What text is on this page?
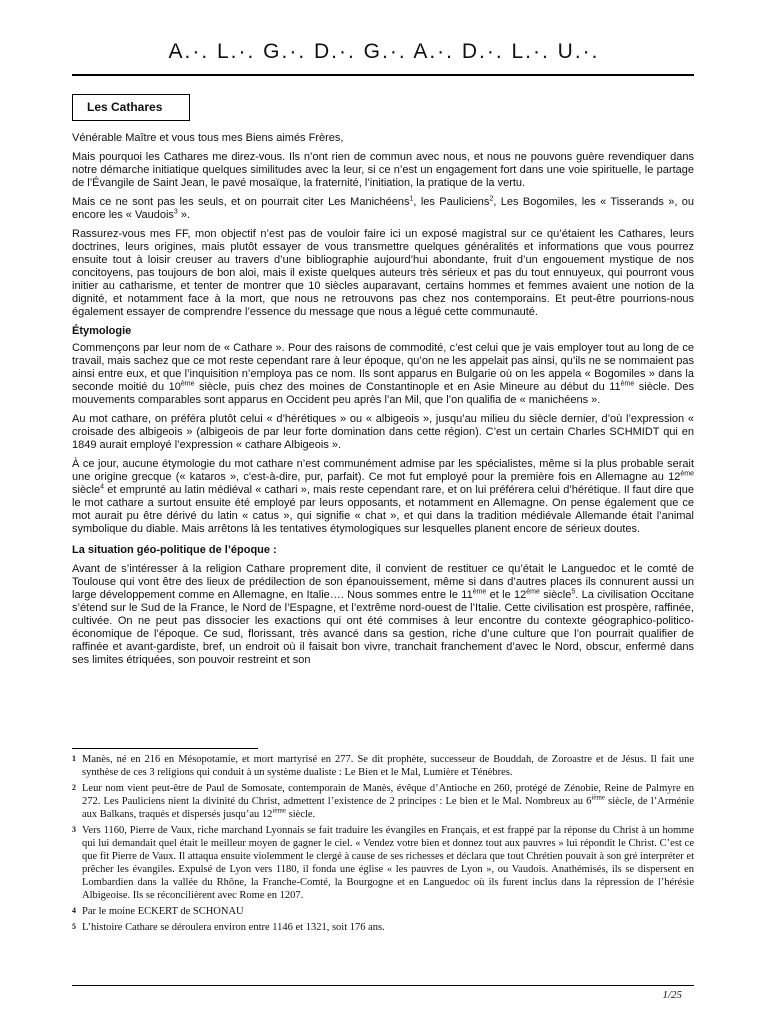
A.·. L.·. G.·. D.·. G.·. A.·. D.·. L.·. U.·.
Les Cathares

Vénérable Maître et vous tous mes Biens aimés Frères,

Mais pourquoi les Cathares me direz-vous. Ils n’ont rien de commun avec nous, et nous ne pouvons guère revendiquer dans notre démarche initiatique quelques similitudes avec la leur, si ce n’est un engagement fort dans une voie spirituelle, le partage de l’Évangile de Saint Jean, le pavé mosaïque, la fraternité, l’initiation, la pratique de la vertu.

Mais ce ne sont pas les seuls, et on pourrait citer Les Manichéens$^1$, les Pauliciens$^2$, Les Bogomiles, les « Tisserands », ou encore les « Vaudois$^3$ ».

Rassurez-vous mes FF, mon objectif n’est pas de vouloir faire ici un exposé magistral sur ce qu’étaient les Cathares, leurs doctrines, leurs origines, mais plutôt essayer de vous transmettre quelques généralités et informations que vous pourrez ensuite tout à loisir creuser au travers d’une bibliographie aujourd’hui abondante, fruit d’un engouement mystique de nos concitoyens, pas toujours de bon aloi, mais il existe quelques auteurs très sérieux et pas du tout ennuyeux, qui pourront vous initier au catharisme, et tenter de montrer que 10 siècles auparavant, certains hommes et femmes avaient une notion de la dignité, et notamment face à la mort, que nous ne retrouvons pas chez nos contemporains. Et peut-être pourrions-nous également essayer de comprendre l’essence du message que nous a légué cette communauté.

Étymologie

Commençons par leur nom de « Cathare ». Pour des raisons de commodité, c’est celui que je vais employer tout au long de ce travail, mais sachez que ce mot reste cependant rare à leur époque, qu’on ne les appelait pas ainsi, qu’ils ne se nommaient pas ainsi entre eux, et que l’inquisition n’employa pas ce nom. Ils sont apparus en Bulgarie où on les appela « Bogomiles » dans la seconde moitié du 10ème siècle, puis chez des moines de Constantinople et en Asie Mineure au début du 11ème siècle. Des mouvements comparables sont apparus en Occident peu après l’an Mil, que l’on qualifia de « manichéens ».

Au mot cathare, on préféra plutôt celui « d’hérétiques » ou « albigeois », jusqu’au milieu du siècle dernier, d’où l’expression « croisade des albigeois » (albigeois de par leur forte domination dans cette région). C’est un certain Charles SCHMIDT qui en 1849 aurait employé l’expression « cathare Albigeois ».

À ce jour, aucune étymologie du mot cathare n’est communément admise par les spécialistes, même si la plus probable serait une origine grecque (« kataros », c'est-à-dire, pur, parfait). Ce mot fut employé pour la première fois en Allemagne au 12ème siècle$^4$ et emprunté au latin médiéval « cathari », mais reste cependant rare, et on lui préférera celui d’hérétique. Il faut dire que le mot cathare a surtout ensuite été employé par leurs opposants, et notamment en Allemagne. On pense également que ce mot aurait pu être dérivé du latin « catus », qui signifie « chat », et qui dans la tradition médiévale Allemande était l’animal symbolique du diable. Mais arrêtons là les tentatives étymologiques sur lesquelles planent encore de sérieux doutes.

La situation géo-politique de l’époque :

Avant de s’intéresser à la religion Cathare proprement dite, il convient de restituer ce qu’était le Languedoc et le comté de Toulouse qui vont être des lieux de prédilection de son épanouissement, même si dans d’autres places ils connurent aussi un large développement comme en Allemagne, en Italie…. Nous sommes entre le 11ème et le 12ème siècle$^5$. La civilisation Occitane s’étend sur le Sud de la France, le Nord de l’Espagne, et l’extrême nord-ouest de l’Italie. Cette civilisation est prospère, raffinée, cultivée. On ne peut pas dissocier les exactions qui ont été commises à leur encontre du contexte géographico-politico-économique de l’époque. Ce sud, florissant, très avancé dans sa gestion, riche d’une culture que l’on pourrait qualifier de raffinée et avant-gardiste, bref, un endroit où il faisait bon vivre, tranchait franchement d’avec le Nord, obscur, enfermé dans ses limites étriquées, son pouvoir restreint et son

1 Manès, né en 216 en Mésopotamie, et mort martyrisé en 277. Se dit prophète, successeur de Bouddah, de Zoroastre et de Jésus. Il fait une synthèse de ces 3 religions qui conduit à un système dualiste : Le Bien et le Mal, Lumière et Ténèbres.
2 Leur nom vient peut-être de Paul de Somosate, contemporain de Manès, évêque d’Antioche en 260, protégé de Zénobie, Reine de Palmyre en 272. Les Pauliciens nient la divinité du Christ, admettent l’existence de 2 principes : Le bien et le Mal. Nombreux au 6ième siècle, de l’Arménie aux Balkans, traqués et dispersés jusqu’au 12ième siècle.
3 Vers 1160, Pierre de Vaux, riche marchand Lyonnais se fait traduire les évangiles en Français, et est frappé par la réponse du Christ à un homme qui lui demandait quel était le meilleur moyen de gagner le ciel. « Vendez votre bien et donnez tout aux pauvres » lui répondit le Christ. C’est ce que fit Pierre de Vaux. Il attaqua ensuite violemment le clergé à cause de ses richesses et déclara que tout Chrétien pouvait à son gré interpréter et prêcher les évangiles. Expulsé de Lyon vers 1180, il fonda une église « les pauvres de Lyon », ou Vaudois. Anathémisés, ils se dispersent en Lombardien dans la vallée du Rhône, la Franche-Comté, la Bourgogne et en Languedoc où ils furent inclus dans la répression de l’hérésie Albigeoise. Ils se réconcilièrent avec Rome en 1207.
4 Par le moine ECKERT de SCHONAU
5 L’histoire Cathare se déroulera environ entre 1146 et 1321, soit 176 ans.
1/25
